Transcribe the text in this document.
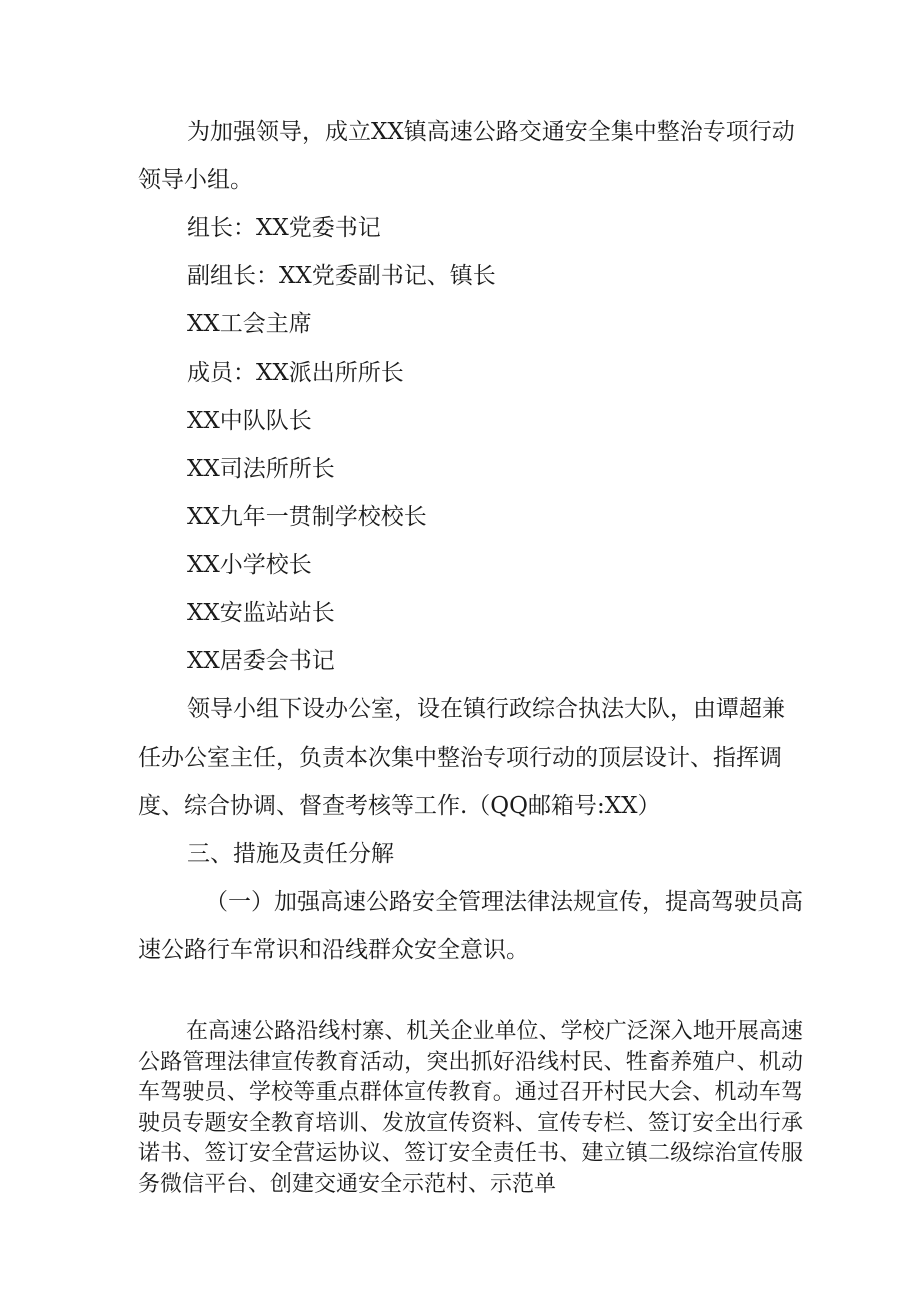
为加强领导，成立XX镇高速公路交通安全集中整治专项行动

领导小组。

组长：XX党委书记

副组长：XX党委副书记、镇长

XX工会主席

成员：XX派出所所长

XX中队队长

XX司法所所长

XX九年一贯制学校校长

XX小学校长

XX安监站站长

XX居委会书记

领导小组下设办公室，设在镇行政综合执法大队，由谭超兼

任办公室主任，负责本次集中整治专项行动的顶层设计、指挥调

度、综合协调、督查考核等工作.（QQ邮箱号:XX）

三、措施及责任分解

（一）加强高速公路安全管理法律法规宣传，提高驾驶员高

速公路行车常识和沿线群众安全意识。

在高速公路沿线村寨、机关企业单位、学校广泛深入地开展高速公路管理法律宣传教育活动，突出抓好沿线村民、牲畜养殖户、机动车驾驶员、学校等重点群体宣传教育。通过召开村民大会、机动车驾驶员专题安全教育培训、发放宣传资料、宣传专栏、签订安全出行承诺书、签订安全营运协议、签订安全责任书、建立镇二级综治宣传服务微信平台、创建交通安全示范村、示范单
